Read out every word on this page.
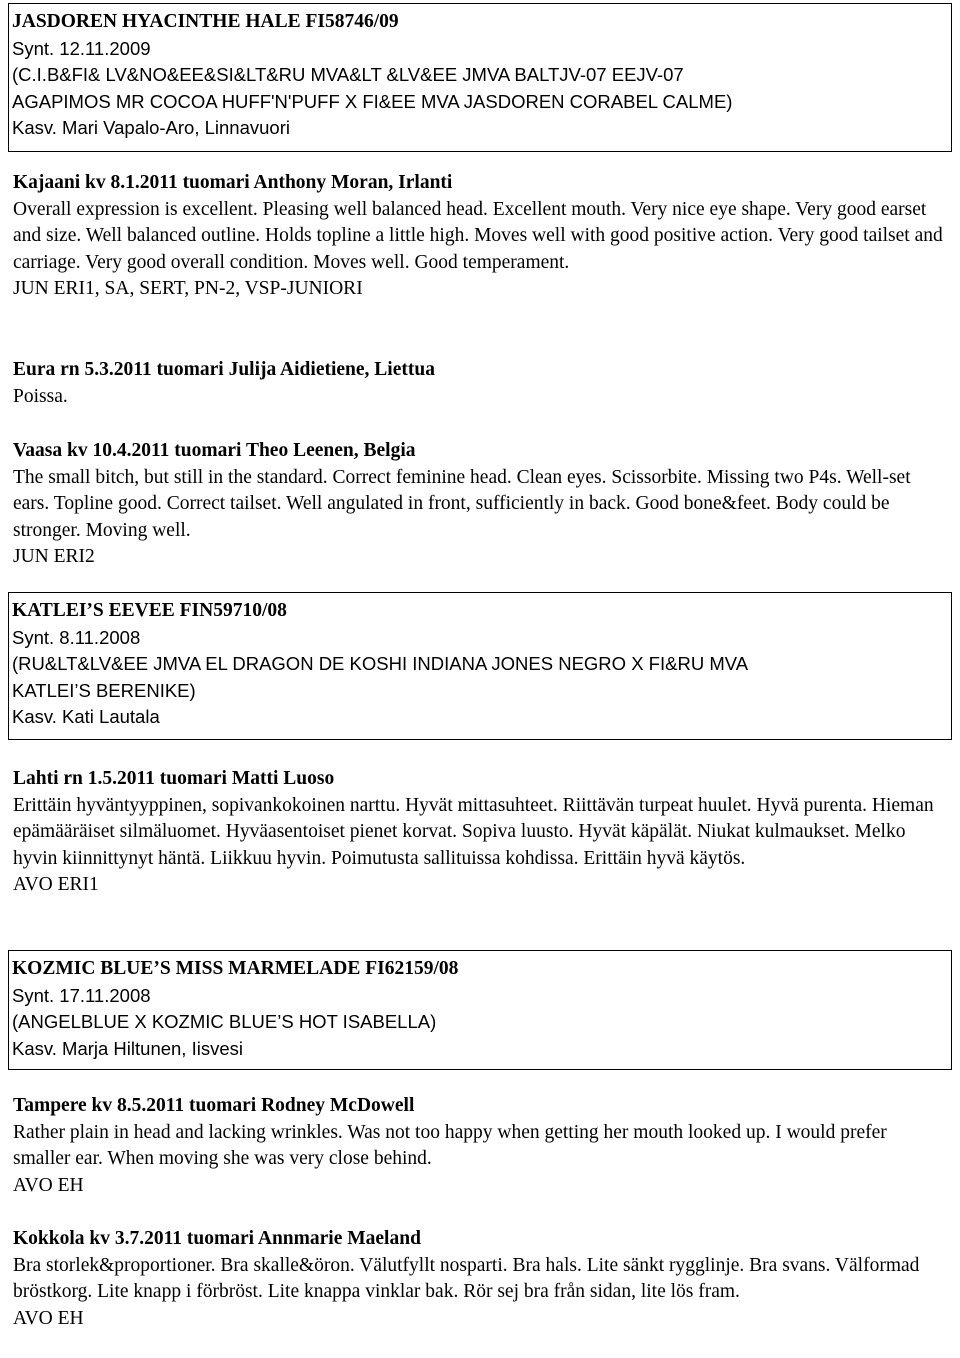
JASDOREN HYACINTHE HALE FI58746/09
Synt. 12.11.2009
(C.I.B&FI& LV&NO&EE&SI&LT&RU MVA&LT &LV&EE JMVA BALTJV-07 EEJV-07
AGAPIMOS MR COCOA HUFF'N'PUFF X FI&EE MVA JASDOREN CORABEL CALME)
Kasv. Mari Vapalo-Aro, Linnavuori
Kajaani kv 8.1.2011 tuomari Anthony Moran, Irlanti

Overall expression is excellent. Pleasing well balanced head. Excellent mouth. Very nice eye shape. Very good earset and size. Well balanced outline. Holds topline a little high. Moves well with good positive action. Very good tailset and carriage. Very good overall condition. Moves well. Good temperament.

JUN ERI1, SA, SERT, PN-2, VSP-JUNIORI
Eura rn 5.3.2011 tuomari Julija Aidietiene, Liettua

Poissa.

Vaasa kv 10.4.2011 tuomari Theo Leenen, Belgia

The small bitch, but still in the standard. Correct feminine head. Clean eyes. Scissorbite. Missing two P4s. Well-set ears. Topline good. Correct tailset. Well angulated in front, sufficiently in back. Good bone&feet. Body could be stronger. Moving well.

JUN ERI2
KATLEI’S EEVEE FIN59710/08
Synt. 8.11.2008
(RU&LT&LV&EE JMVA EL DRAGON DE KOSHI INDIANA JONES NEGRO X FI&RU MVA
KATLEI’S BERENIKE)
Kasv. Kati Lautala
Lahti rn 1.5.2011 tuomari Matti Luoso

Erittäin hyväntyyppinen, sopivankokoinen narttu. Hyvät mittasuhteet. Riittävän turpeat huulet. Hyvä purenta. Hieman epämääräiset silmäluomet. Hyväasentoiset pienet korvat. Sopiva luusto. Hyvät käpälät. Niukat kulmaukset. Melko hyvin kiinnittynyt häntä. Liikkuu hyvin. Poimutusta sallituissa kohdissa. Erittäin hyvä käytös.

AVO ERI1
KOZMIC BLUE’S MISS MARMELADE FI62159/08
Synt. 17.11.2008
(ANGELBLUE X KOZMIC BLUE’S HOT ISABELLA)
Kasv. Marja Hiltunen, Iisvesi
Tampere kv 8.5.2011 tuomari Rodney McDowell

Rather plain in head and lacking wrinkles. Was not too happy when getting her mouth looked up. I would prefer smaller ear. When moving she was very close behind.

AVO EH
Kokkola kv 3.7.2011 tuomari Annmarie Maeland

Bra storlek&proportioner. Bra skalle&öron. Välutfyllt nosparti. Bra hals. Lite sänkt rygglinje. Bra svans. Välformad bröstkorg. Lite knapp i förbröst. Lite knappa vinklar bak. Rör sej bra från sidan, lite lös fram.

AVO EH
